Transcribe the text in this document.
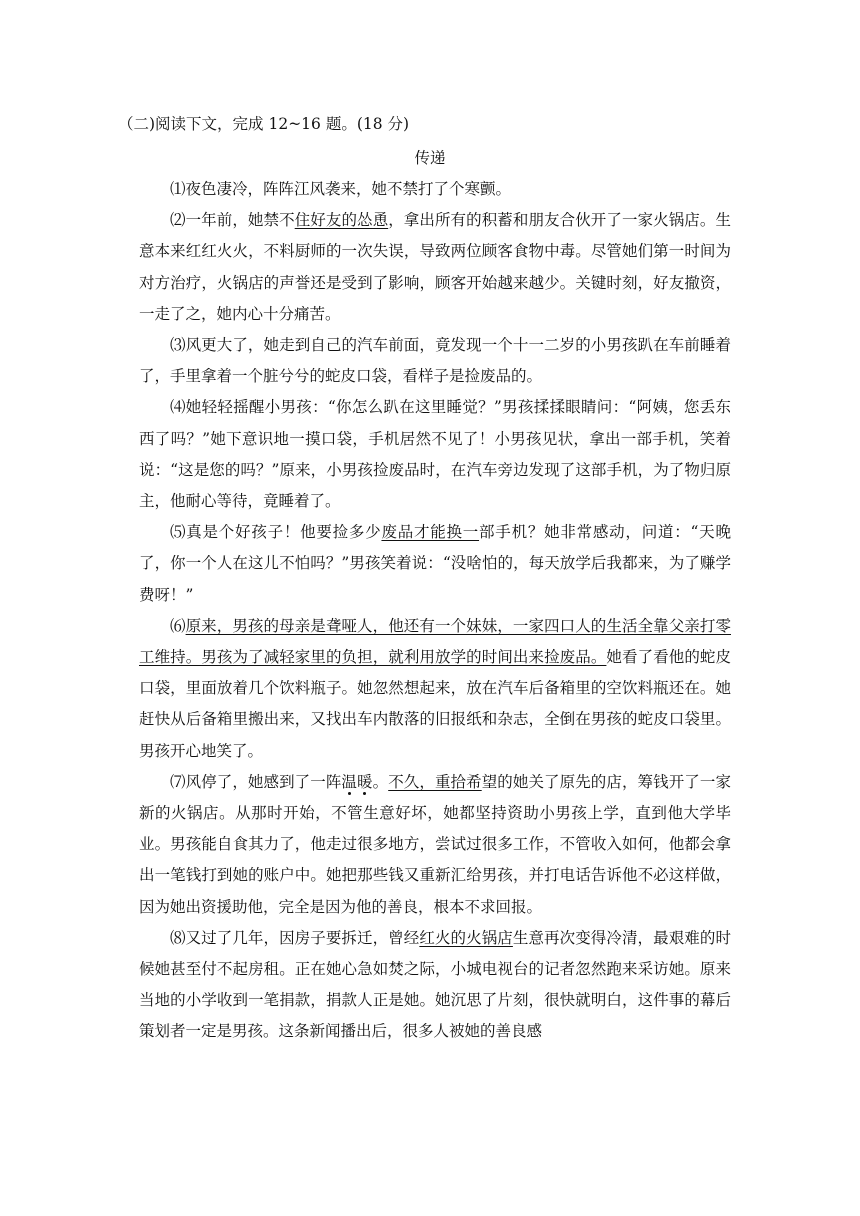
（二)阅读下文，完成 12~16 题。(18 分)
传递

⑴夜色凄冷，阵阵江风袭来，她不禁打了个寒颤。

⑵一年前，她禁不住好友的怂恿，拿出所有的积蓄和朋友合伙开了一家火锅店。生意本来红红火火，不料厨师的一次失误，导致两位顾客食物中毒。尽管她们第一时间为对方治疗，火锅店的声誉还是受到了影响，顾客开始越来越少。关键时刻，好友撤资，一走了之，她内心十分痛苦。

⑶风更大了，她走到自己的汽车前面，竟发现一个十一二岁的小男孩趴在车前睡着了，手里拿着一个脏兮兮的蛇皮口袋，看样子是捡废品的。

⑷她轻轻摇醒小男孩：“你怎么趴在这里睡觉？”男孩揉揉眼睛问：“阿姨，您丢东西了吗？”她下意识地一摸口袋，手机居然不见了！小男孩见状，拿出一部手机，笑着说：“这是您的吗？”原来，小男孩捡废品时，在汽车旁边发现了这部手机，为了物归原主，他耐心等待，竟睡着了。

⑸真是个好孩子！他要捡多少废品才能换一部手机？她非常感动，问道：“天晚了，你一个人在这儿不怕吗？”男孩笑着说：“没啥怕的，每天放学后我都来，为了赚学费呀！”

⑹原来，男孩的母亲是聋哑人，他还有一个妹妹，一家四口人的生活全靠父亲打零工维持。男孩为了减轻家里的负担，就利用放学的时间出来捡废品。她看了看他的蛇皮口袋，里面放着几个饮料瓶子。她忽然想起来，放在汽车后备箱里的空饮料瓶还在。她赶快从后备箱里搬出来，又找出车内散落的旧报纸和杂志，全倒在男孩的蛇皮口袋里。男孩开心地笑了。

⑺风停了，她感到了一阵温暖。不久，重拾希望的她关了原先的店，筹钱开了一家新的火锅店。从那时开始，不管生意好坏，她都坚持资助小男孩上学，直到他大学毕业。男孩能自食其力了，他走过很多地方，尝试过很多工作，不管收入如何，他都会拿出一笔钱打到她的账户中。她把那些钱又重新汇给男孩，并打电话告诉他不必这样做，因为她出资援助他，完全是因为他的善良，根本不求回报。

⑻又过了几年，因房子要拆迁，曾经红火的火锅店生意再次变得冷清，最艰难的时候她甚至付不起房租。正在她心急如焚之际，小城电视台的记者忽然跑来采访她。原来当地的小学收到一笔捐款，捐款人正是她。她沉思了片刻，很快就明白，这件事的幕后策划者一定是男孩。这条新闻播出后，很多人被她的善良感
